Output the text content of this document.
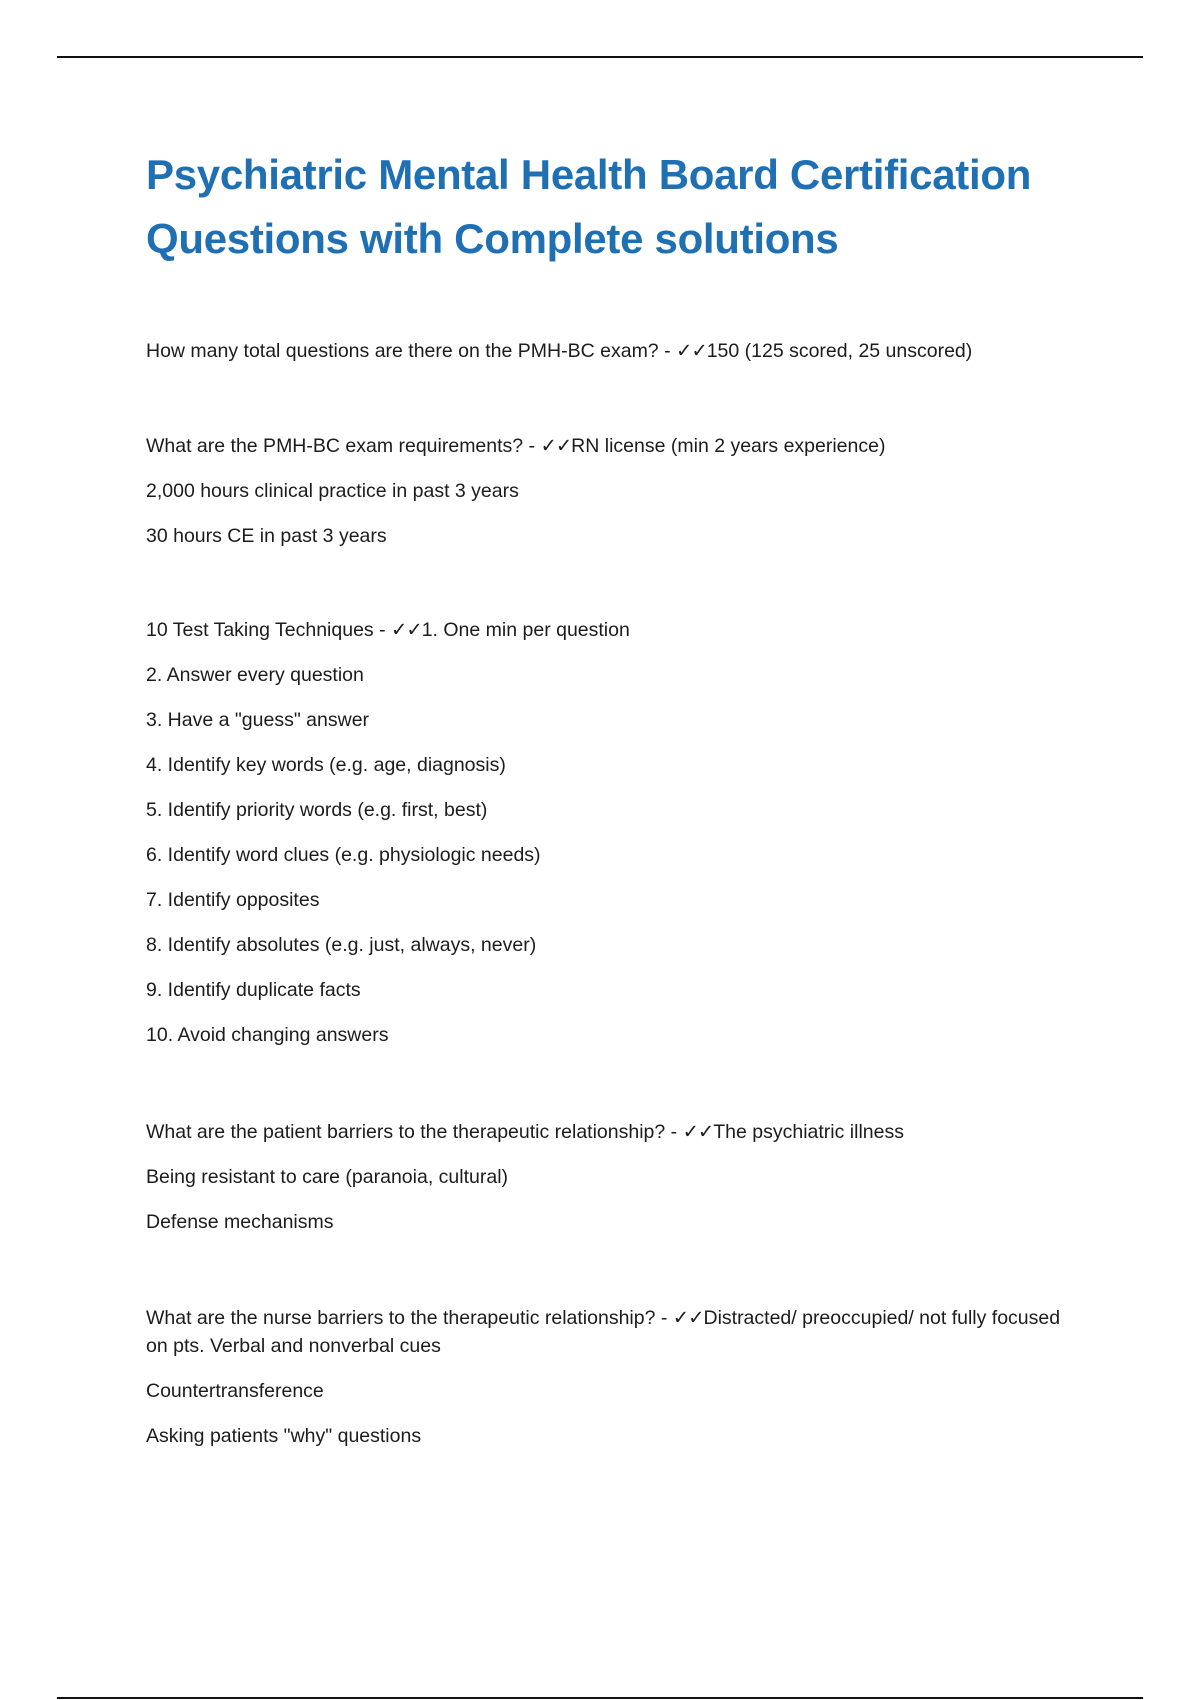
Psychiatric Mental Health Board Certification Questions with Complete solutions

How many total questions are there on the PMH-BC exam? - ✓✓150 (125 scored, 25 unscored)

What are the PMH-BC exam requirements? - ✓✓RN license (min 2 years experience)

2,000 hours clinical practice in past 3 years

30 hours CE in past 3 years

10 Test Taking Techniques - ✓✓1. One min per question

2. Answer every question

3. Have a "guess" answer

4. Identify key words (e.g. age, diagnosis)

5. Identify priority words (e.g. first, best)

6. Identify word clues (e.g. physiologic needs)

7. Identify opposites

8. Identify absolutes (e.g. just, always, never)

9. Identify duplicate facts

10. Avoid changing answers

What are the patient barriers to the therapeutic relationship? - ✓✓The psychiatric illness

Being resistant to care (paranoia, cultural)

Defense mechanisms

What are the nurse barriers to the therapeutic relationship? - ✓✓Distracted/ preoccupied/ not fully focused on pts. Verbal and nonverbal cues

Countertransference

Asking patients "why" questions
